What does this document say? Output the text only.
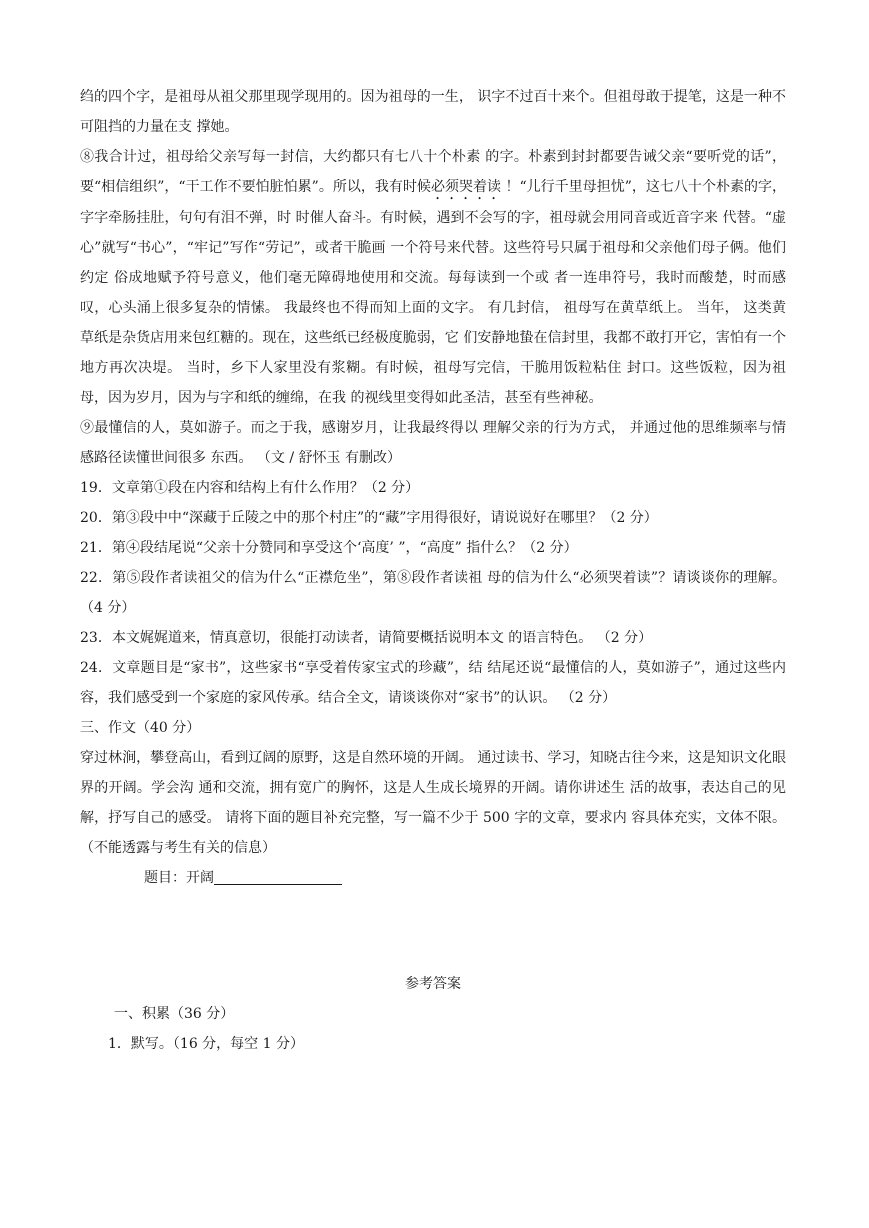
绉的四个字，是祖母从祖父那里现学现用的。因为祖母的一生， 识字不过百十来个。但祖母敢于提笔，这是一种不可阻挡的力量在支 撑她。

⑧我合计过，祖母给父亲写每一封信，大约都只有七八十个朴素 的字。朴素到封封都要告诫父亲“要听党的话”，要“相信组织”，“干工作不要怕脏怕累”。所以，我有时候必须哭着读 ！“儿行千里母担忧”，这七八十个朴素的字，字字牵肠挂肚，句句有泪不弹，时 时催人奋斗。有时候，遇到不会写的字，祖母就会用同音或近音字来 代替。“虚心”就写“书心”，“牢记”写作“劳记”，或者干脆画 一个符号来代替。这些符号只属于祖母和父亲他们母子俩。他们约定 俗成地赋予符号意义，他们毫无障碍地使用和交流。每每读到一个或 者一连串符号，我时而酸楚，时而感叹，心头涌上很多复杂的情愫。 我最终也不得而知上面的文字。 有几封信， 祖母写在黄草纸上。 当年， 这类黄草纸是杂货店用来包红糖的。现在，这些纸已经极度脆弱，它 们安静地蛰在信封里，我都不敢打开它，害怕有一个地方再次决堤。 当时，乡下人家里没有浆糊。有时候，祖母写完信，干脆用饭粒粘住 封口。这些饭粒，因为祖母，因为岁月，因为与字和纸的缠绵，在我 的视线里变得如此圣洁，甚至有些神秘。

⑨最懂信的人，莫如游子。而之于我，感谢岁月，让我最终得以 理解父亲的行为方式， 并通过他的思维频率与情感路径读懂世间很多 东西。 （文 / 舒怀玉 有删改）

19．文章第①段在内容和结构上有什么作用？（2 分）

20．第③段中中“深藏于丘陵之中的那个村庄”的“藏”字用得很好，请说说好在哪里？（2 分）

21．第④段结尾说“父亲十分赞同和享受这个‘高度’ ”，“高度” 指什么？（2 分）

22．第⑤段作者读祖父的信为什么“正襟危坐”，第⑧段作者读祖 母的信为什么“必须哭着读”？请谈谈你的理解。 （4 分）

23．本文娓娓道来，情真意切，很能打动读者，请简要概括说明本文 的语言特色。 （2 分）

24．文章题目是“家书”，这些家书“享受着传家宝式的珍藏”，结 结尾还说“最懂信的人，莫如游子”，通过这些内容，我们感受到一个家庭的家风传承。结合全文，请谈谈你对“家书”的认识。 （2 分）

三、作文（40 分）

穿过林涧，攀登高山，看到辽阔的原野，这是自然环境的开阔。 通过读书、学习，知晓古往今来，这是知识文化眼界的开阔。学会沟 通和交流，拥有宽广的胸怀，这是人生成长境界的开阔。请你讲述生 活的故事，表达自己的见解，抒写自己的感受。 请将下面的题目补充完整，写一篇不少于 500 字的文章，要求内 容具体充实，文体不限。 （不能透露与考生有关的信息）

题目：开阔

参考答案

一、积累（36 分）

1．默写。（16 分，每空 1 分）
